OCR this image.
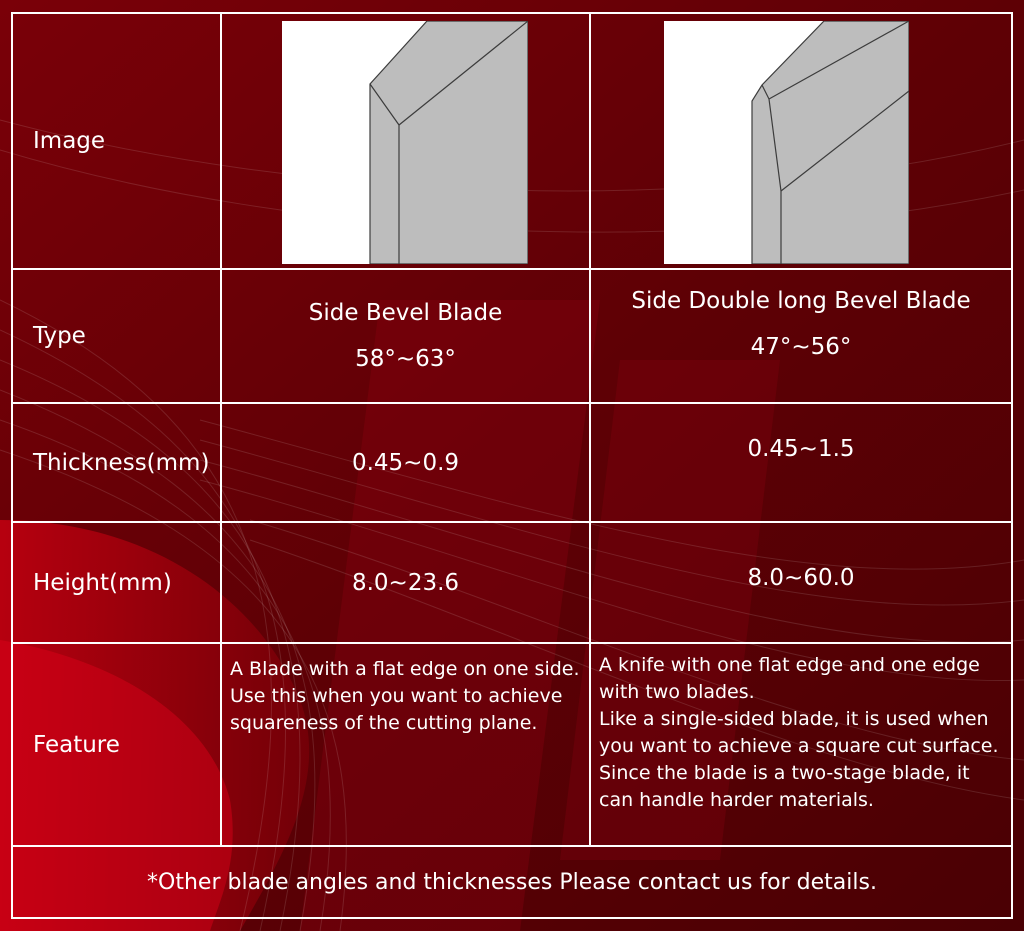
Image
Type
Thickness(mm)
Height(mm)
Feature
Side Bevel Blade
58°~63°
Side Double long Bevel Blade
47°~56°
0.45~0.9
0.45~1.5
8.0~23.6	8.0~60.0

A Blade with a flat edge on one side. Use this when you want to achieve squareness of the cutting plane.

A knife with one flat edge and one edge with two blades.

Like a single-sided blade, it is used when you want to achieve a square cut surface.

Since the blade is a two-stage blade, it can handle harder materials.

*Other blade angles and thicknesses Please contact us for details.
